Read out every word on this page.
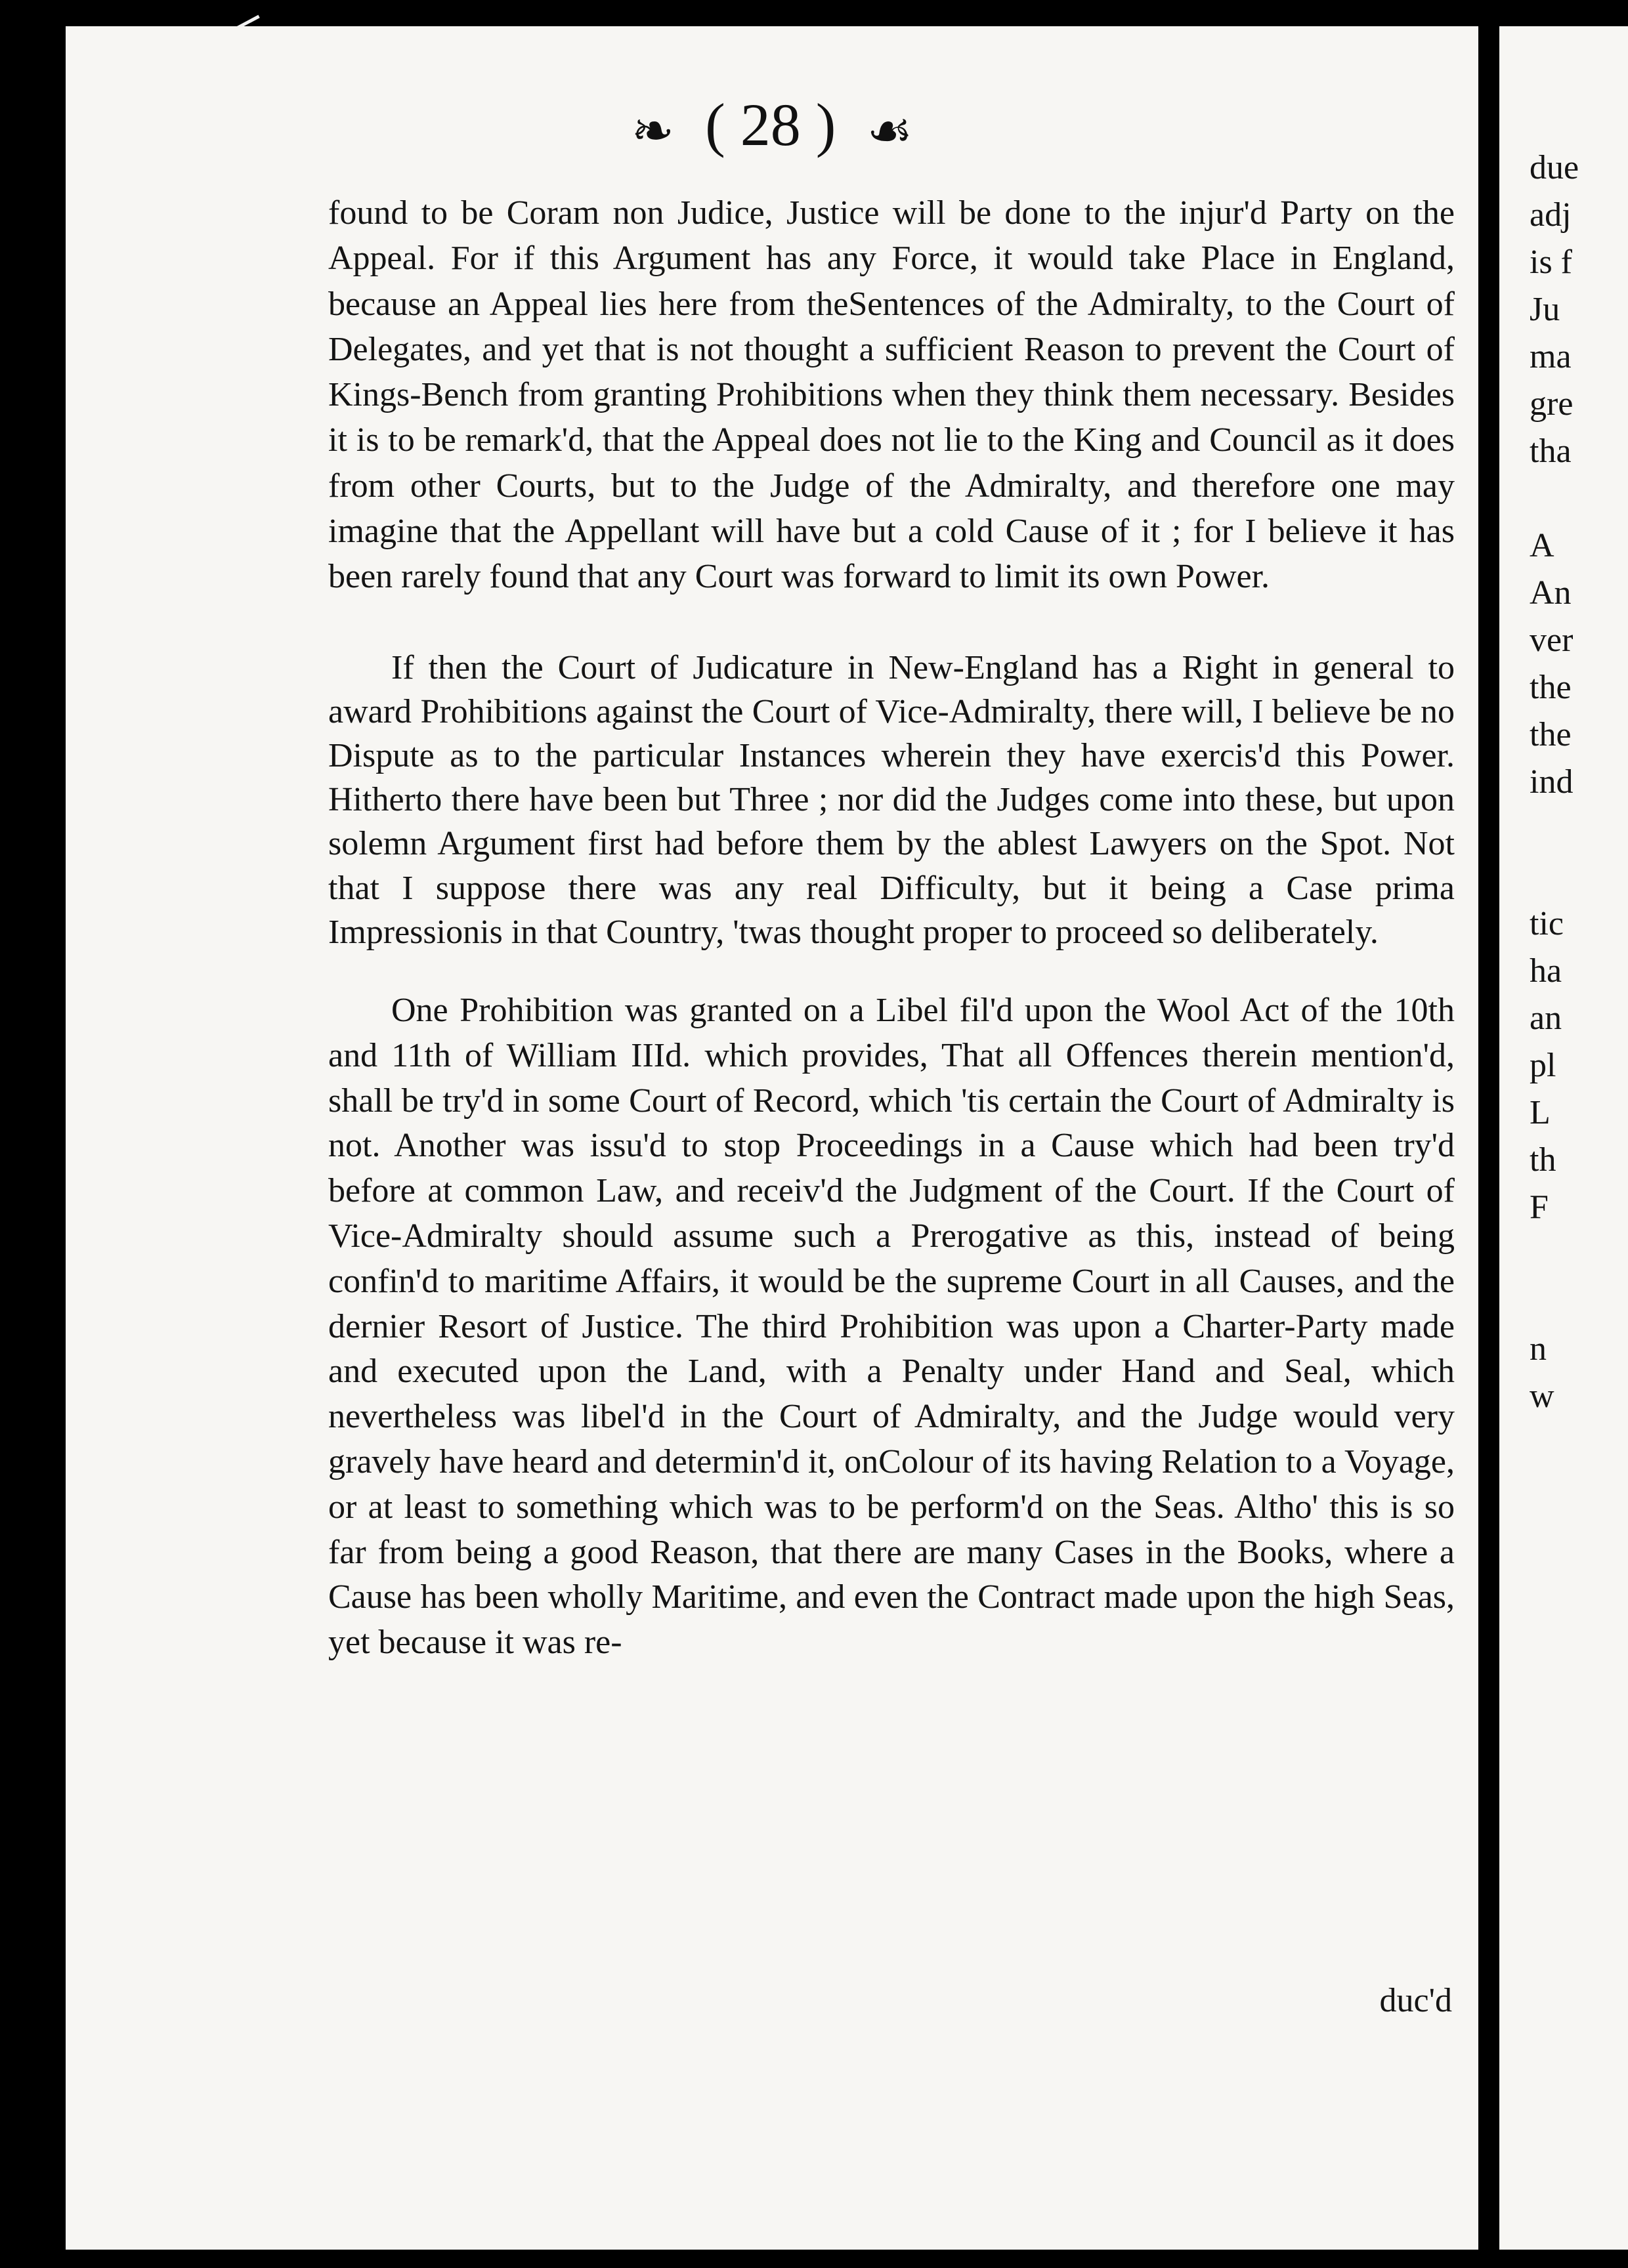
❧ ( 28 ) ☙

found to be Coram non Judice, Justice will be done to the injur'd Party on the Appeal. For if this Argument has any Force, it would take Place in England, because an Appeal lies here from theSentences of the Admiralty, to the Court of Delegates, and yet that is not thought a sufficient Reason to prevent the Court of Kings-Bench from granting Prohibitions when they think them necessary. Besides it is to be remark'd, that the Appeal does not lie to the King and Council as it does from other Courts, but to the Judge of the Admiralty, and therefore one may imagine that the Appellant will have but a cold Cause of it ; for I believe it has been rarely found that any Court was forward to limit its own Power.

If then the Court of Judicature in New-England has a Right in general to award Prohibitions against the Court of Vice-Admiralty, there will, I believe be no Dispute as to the particular Instances wherein they have exercis'd this Power. Hitherto there have been but Three ; nor did the Judges come into these, but upon solemn Argument first had before them by the ablest Lawyers on the Spot. Not that I suppose there was any real Difficulty, but it being a Case prima Impressionis in that Country, 'twas thought proper to proceed so deliberately.

One Prohibition was granted on a Libel fil'd upon the Wool Act of the 10th and 11th of William IIId. which provides, That all Offences therein mention'd, shall be try'd in some Court of Record, which 'tis certain the Court of Admiralty is not. Another was issu'd to stop Proceedings in a Cause which had been try'd before at common Law, and receiv'd the Judgment of the Court. If the Court of Vice-Admiralty should assume such a Prerogative as this, instead of being confin'd to maritime Affairs, it would be the supreme Court in all Causes, and the dernier Resort of Justice. The third Prohibition was upon a Charter-Party made and executed upon the Land, with a Penalty under Hand and Seal, which nevertheless was libel'd in the Court of Admiralty, and the Judge would very gravely have heard and determin'd it, onColour of its having Relation to a Voyage, or at least to something which was to be perform'd on the Seas. Altho' this is so far from being a good Reason, that there are many Cases in the Books, where a Cause has been wholly Maritime, and even the Contract made upon the high Seas, yet because it was re-

duc'd
due
adj
is f
Ju
ma
gre
tha

A
An
ver
the
the
ind

tic
ha
an
pl
L
th
F

n
w
